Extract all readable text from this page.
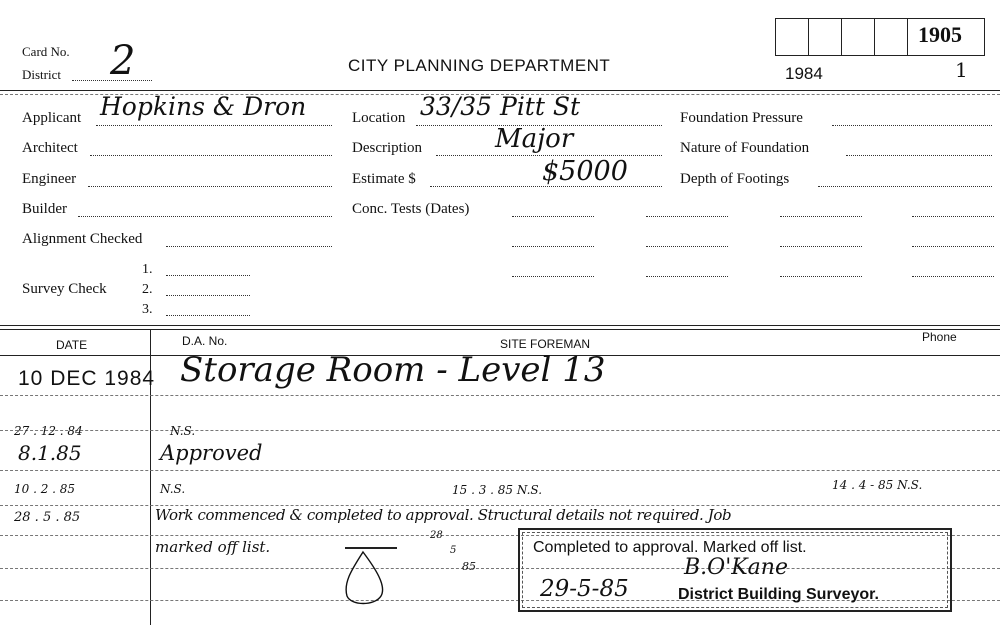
Card No.
District 2	CITY PLANNING DEPARTMENT
1905
1984	1
Applicant Hopkins & Dron
Architect
Engineer
Builder
Alignment Checked
Survey Check
1.
2.
3.
Location 33/35 Pitt St
Description	Major
Estimate $	$5000
Conc. Tests (Dates)
Foundation Pressure
Nature of Foundation
Depth of Footings
DATE	D.A. No.	SITE FOREMAN	Phone
10 DEC 1984 Storage Room - Level 13
27 . 12 . 84	N.S.
8.1.85	Approved
10 . 2 . 85	N.S.	15 . 3 . 85 N.S.	14 . 4 - 85 N.S.
28 . 5 . 85	Work commenced & completed to approval. Structural details not required. Job
marked off list.
28
5
85
Completed to approval. Marked off list.
B.O'Kane
29-5-85	District Building Surveyor.
